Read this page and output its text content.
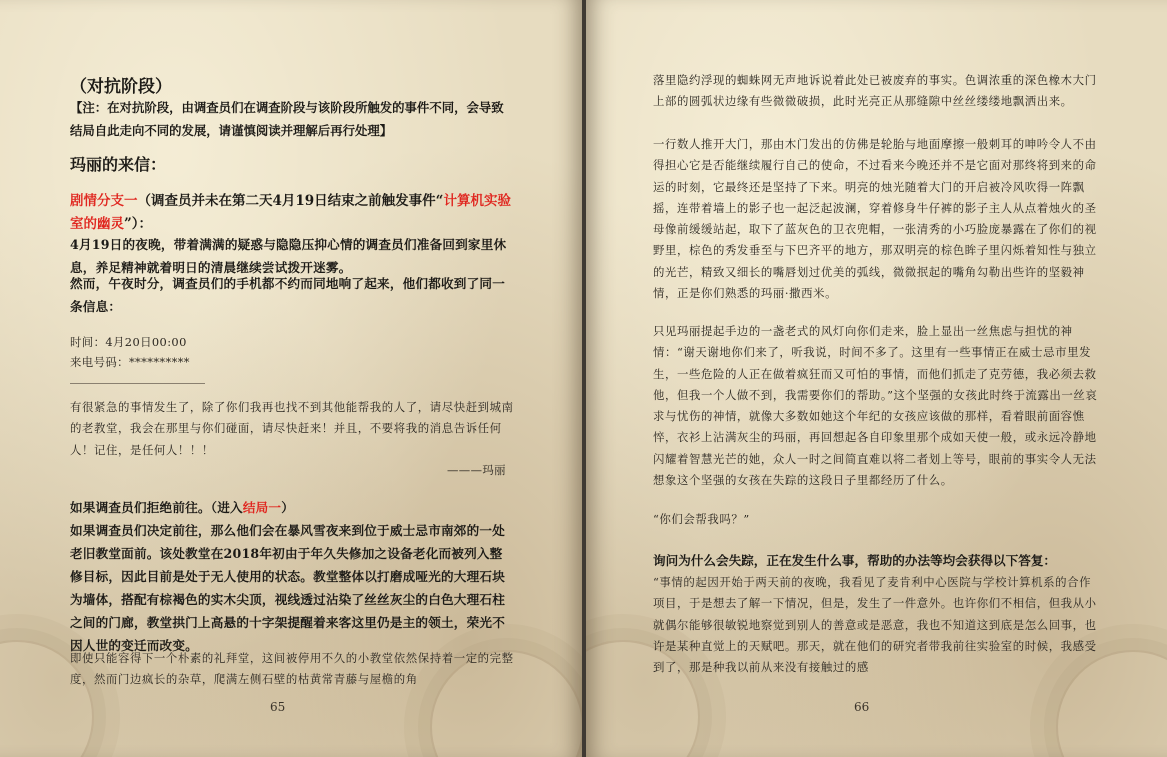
（对抗阶段）
【注：在对抗阶段，由调查员们在调查阶段与该阶段所触发的事件不同，会导致结局自此走向不同的发展，请谨慎阅读并理解后再行处理】
玛丽的来信：
剧情分支一（调查员并未在第二天4月19日结束之前触发事件“计算机实验室的幽灵”）：
4月19日的夜晚，带着满满的疑惑与隐隐压抑心情的调查员们准备回到家里休息，养足精神就着明日的清晨继续尝试拨开迷雾。
然而，午夜时分，调查员们的手机都不约而同地响了起来，他们都收到了同一条信息：
时间：4月20日00:00
来电号码：**********
有很紧急的事情发生了，除了你们我再也找不到其他能帮我的人了，请尽快赶到城南的老教堂，我会在那里与你们碰面，请尽快赶来！并且，不要将我的消息告诉任何人！记住，是任何人！！！
———玛丽
如果调查员们拒绝前往。（进入结局一）
如果调查员们决定前往，那么他们会在暴风雪夜来到位于威士忌市南郊的一处老旧教堂面前。该处教堂在2018年初由于年久失修加之设备老化而被列入整修目标，因此目前是处于无人使用的状态。教堂整体以打磨成哑光的大理石块为墙体，搭配有棕褐色的实木尖顶，视线透过沾染了丝丝灰尘的白色大理石柱之间的门廊，教堂拱门上高悬的十字架提醒着来客这里仍是主的领土，荣光不因人世的变迁而改变。
即使只能容得下一个朴素的礼拜堂，这间被停用不久的小教堂依然保持着一定的完整度，然而门边疯长的杂草，爬满左侧石壁的枯黄常青藤与屋檐的角
65
落里隐约浮现的蜘蛛网无声地诉说着此处已被废弃的事实。色调浓重的深色橡木大门上部的圆弧状边缘有些微微破损，此时光亮正从那缝隙中丝丝缕缕地飘洒出来。
一行数人推开大门，那由木门发出的仿佛是轮胎与地面摩擦一般刺耳的呻吟令人不由得担心它是否能继续履行自己的使命，不过看来今晚还并不是它面对那终将到来的命运的时刻，它最终还是坚持了下来。明亮的烛光随着大门的开启被冷风吹得一阵飘摇，连带着墙上的影子也一起泛起波澜，穿着修身牛仔裤的影子主人从点着烛火的圣母像前缓缓站起，取下了蓝灰色的卫衣兜帽，一张清秀的小巧脸庞暴露在了你们的视野里，棕色的秀发垂至与下巴齐平的地方，那双明亮的棕色眸子里闪烁着知性与独立的光芒，精致又细长的嘴唇划过优美的弧线，微微抿起的嘴角勾勒出些许的坚毅神情，正是你们熟悉的玛丽·撒西米。
只见玛丽提起手边的一盏老式的风灯向你们走来，脸上显出一丝焦虑与担忧的神情：“谢天谢地你们来了，听我说，时间不多了。这里有一些事情正在威士忌市里发生，一些危险的人正在做着疯狂而又可怕的事情，而他们抓走了克劳德，我必须去救他，但我一个人做不到，我需要你们的帮助。”这个坚强的女孩此时终于流露出一丝哀求与忧伤的神情，就像大多数如她这个年纪的女孩应该做的那样，看着眼前面容憔悴，衣衫上沾满灰尘的玛丽，再回想起各自印象里那个成如天使一般，或永远冷静地闪耀着智慧光芒的她，众人一时之间简直难以将二者划上等号，眼前的事实令人无法想象这个坚强的女孩在失踪的这段日子里都经历了什么。
“你们会帮我吗？”
询问为什么会失踪，正在发生什么事，帮助的办法等均会获得以下答复：
“事情的起因开始于两天前的夜晚，我看见了麦肯利中心医院与学校计算机系的合作项目，于是想去了解一下情况，但是，发生了一件意外。也许你们不相信，但我从小就偶尔能够很敏锐地察觉到别人的善意或是恶意，我也不知道这到底是怎么回事，也许是某种直觉上的天赋吧。那天，就在他们的研究者带我前往实验室的时候，我感受到了，那是种我以前从来没有接触过的感
66
